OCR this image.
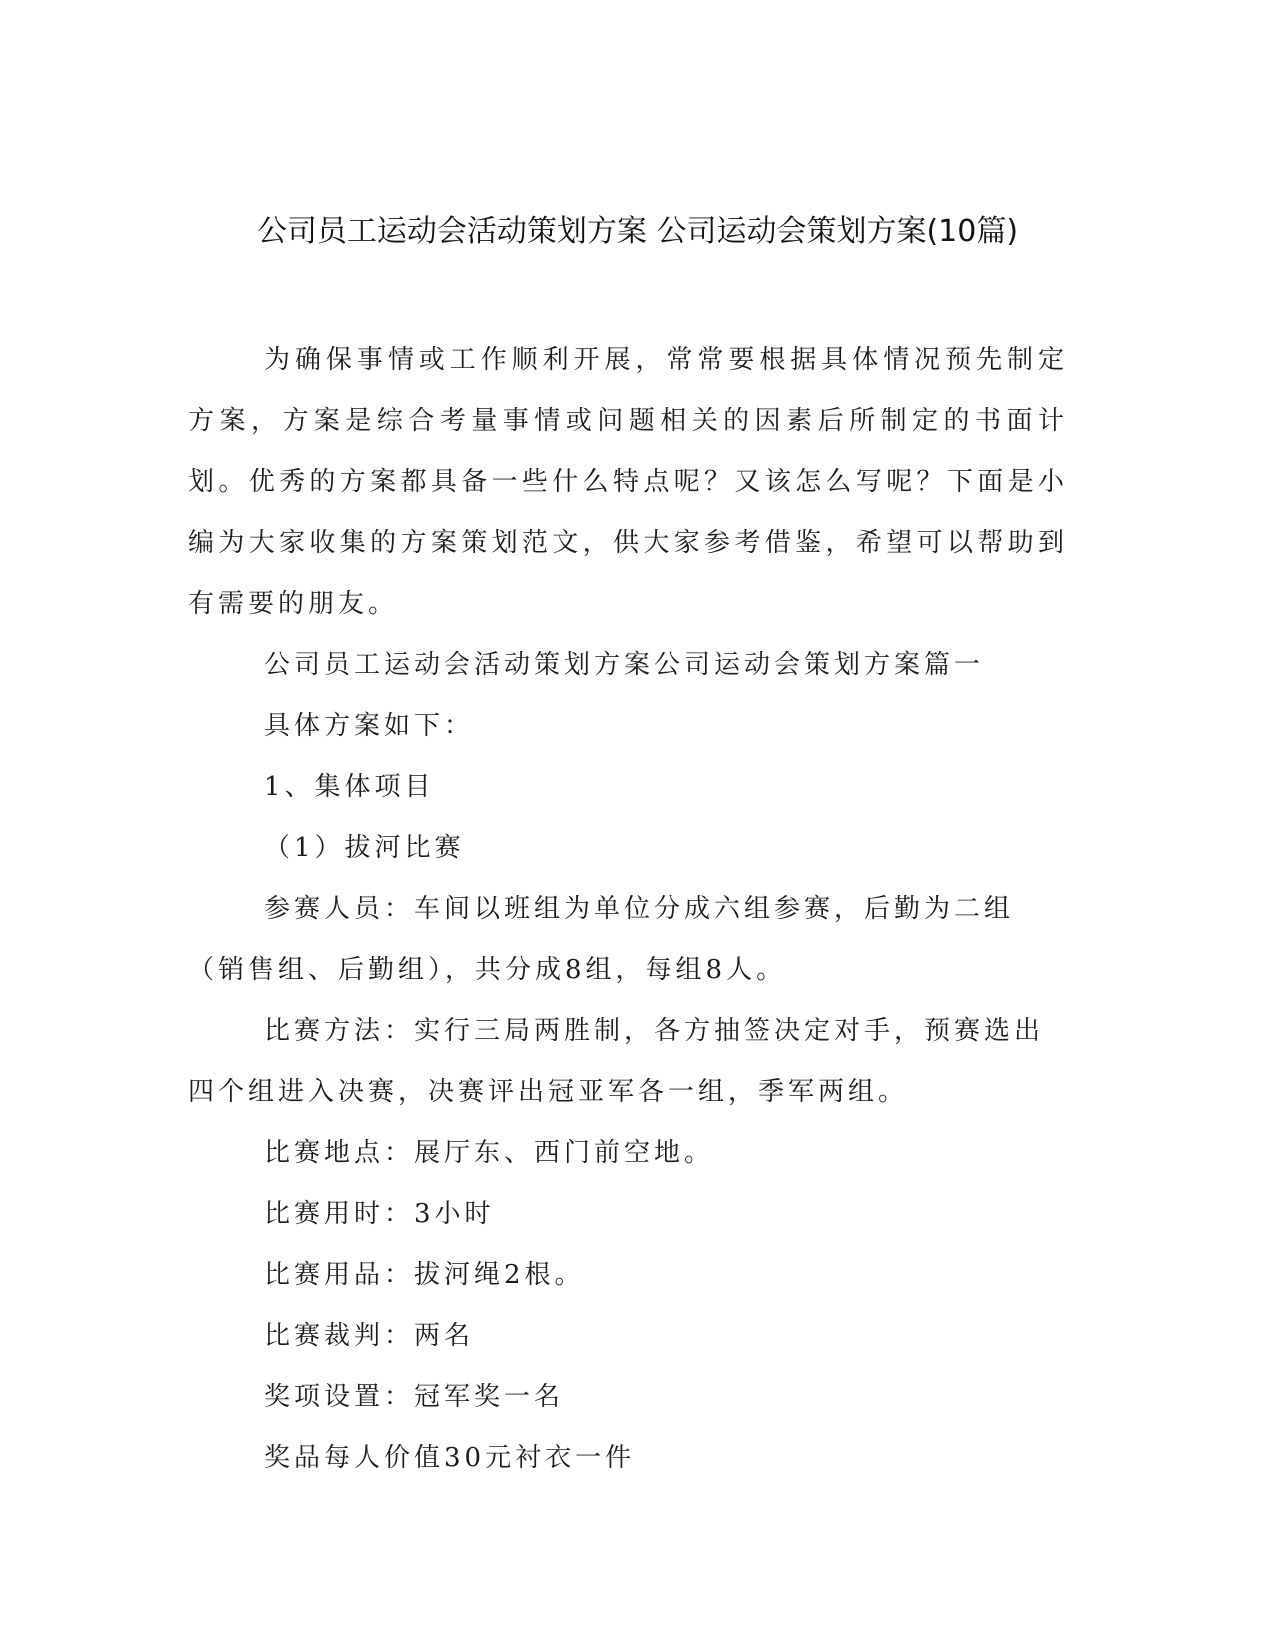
公司员工运动会活动策划方案 公司运动会策划方案(10篇)

为确保事情或工作顺利开展，常常要根据具体情况预先制定方案，方案是综合考量事情或问题相关的因素后所制定的书面计划。优秀的方案都具备一些什么特点呢？又该怎么写呢？下面是小编为大家收集的方案策划范文，供大家参考借鉴，希望可以帮助到有需要的朋友。

公司员工运动会活动策划方案公司运动会策划方案篇一

具体方案如下：

1、集体项目

（1）拔河比赛

参赛人员：车间以班组为单位分成六组参赛，后勤为二组（销售组、后勤组），共分成8组，每组8人。

比赛方法：实行三局两胜制，各方抽签决定对手，预赛选出四个组进入决赛，决赛评出冠亚军各一组，季军两组。

比赛地点：展厅东、西门前空地。

比赛用时：3小时

比赛用品：拔河绳2根。

比赛裁判：两名

奖项设置：冠军奖一名

奖品每人价值30元衬衣一件
